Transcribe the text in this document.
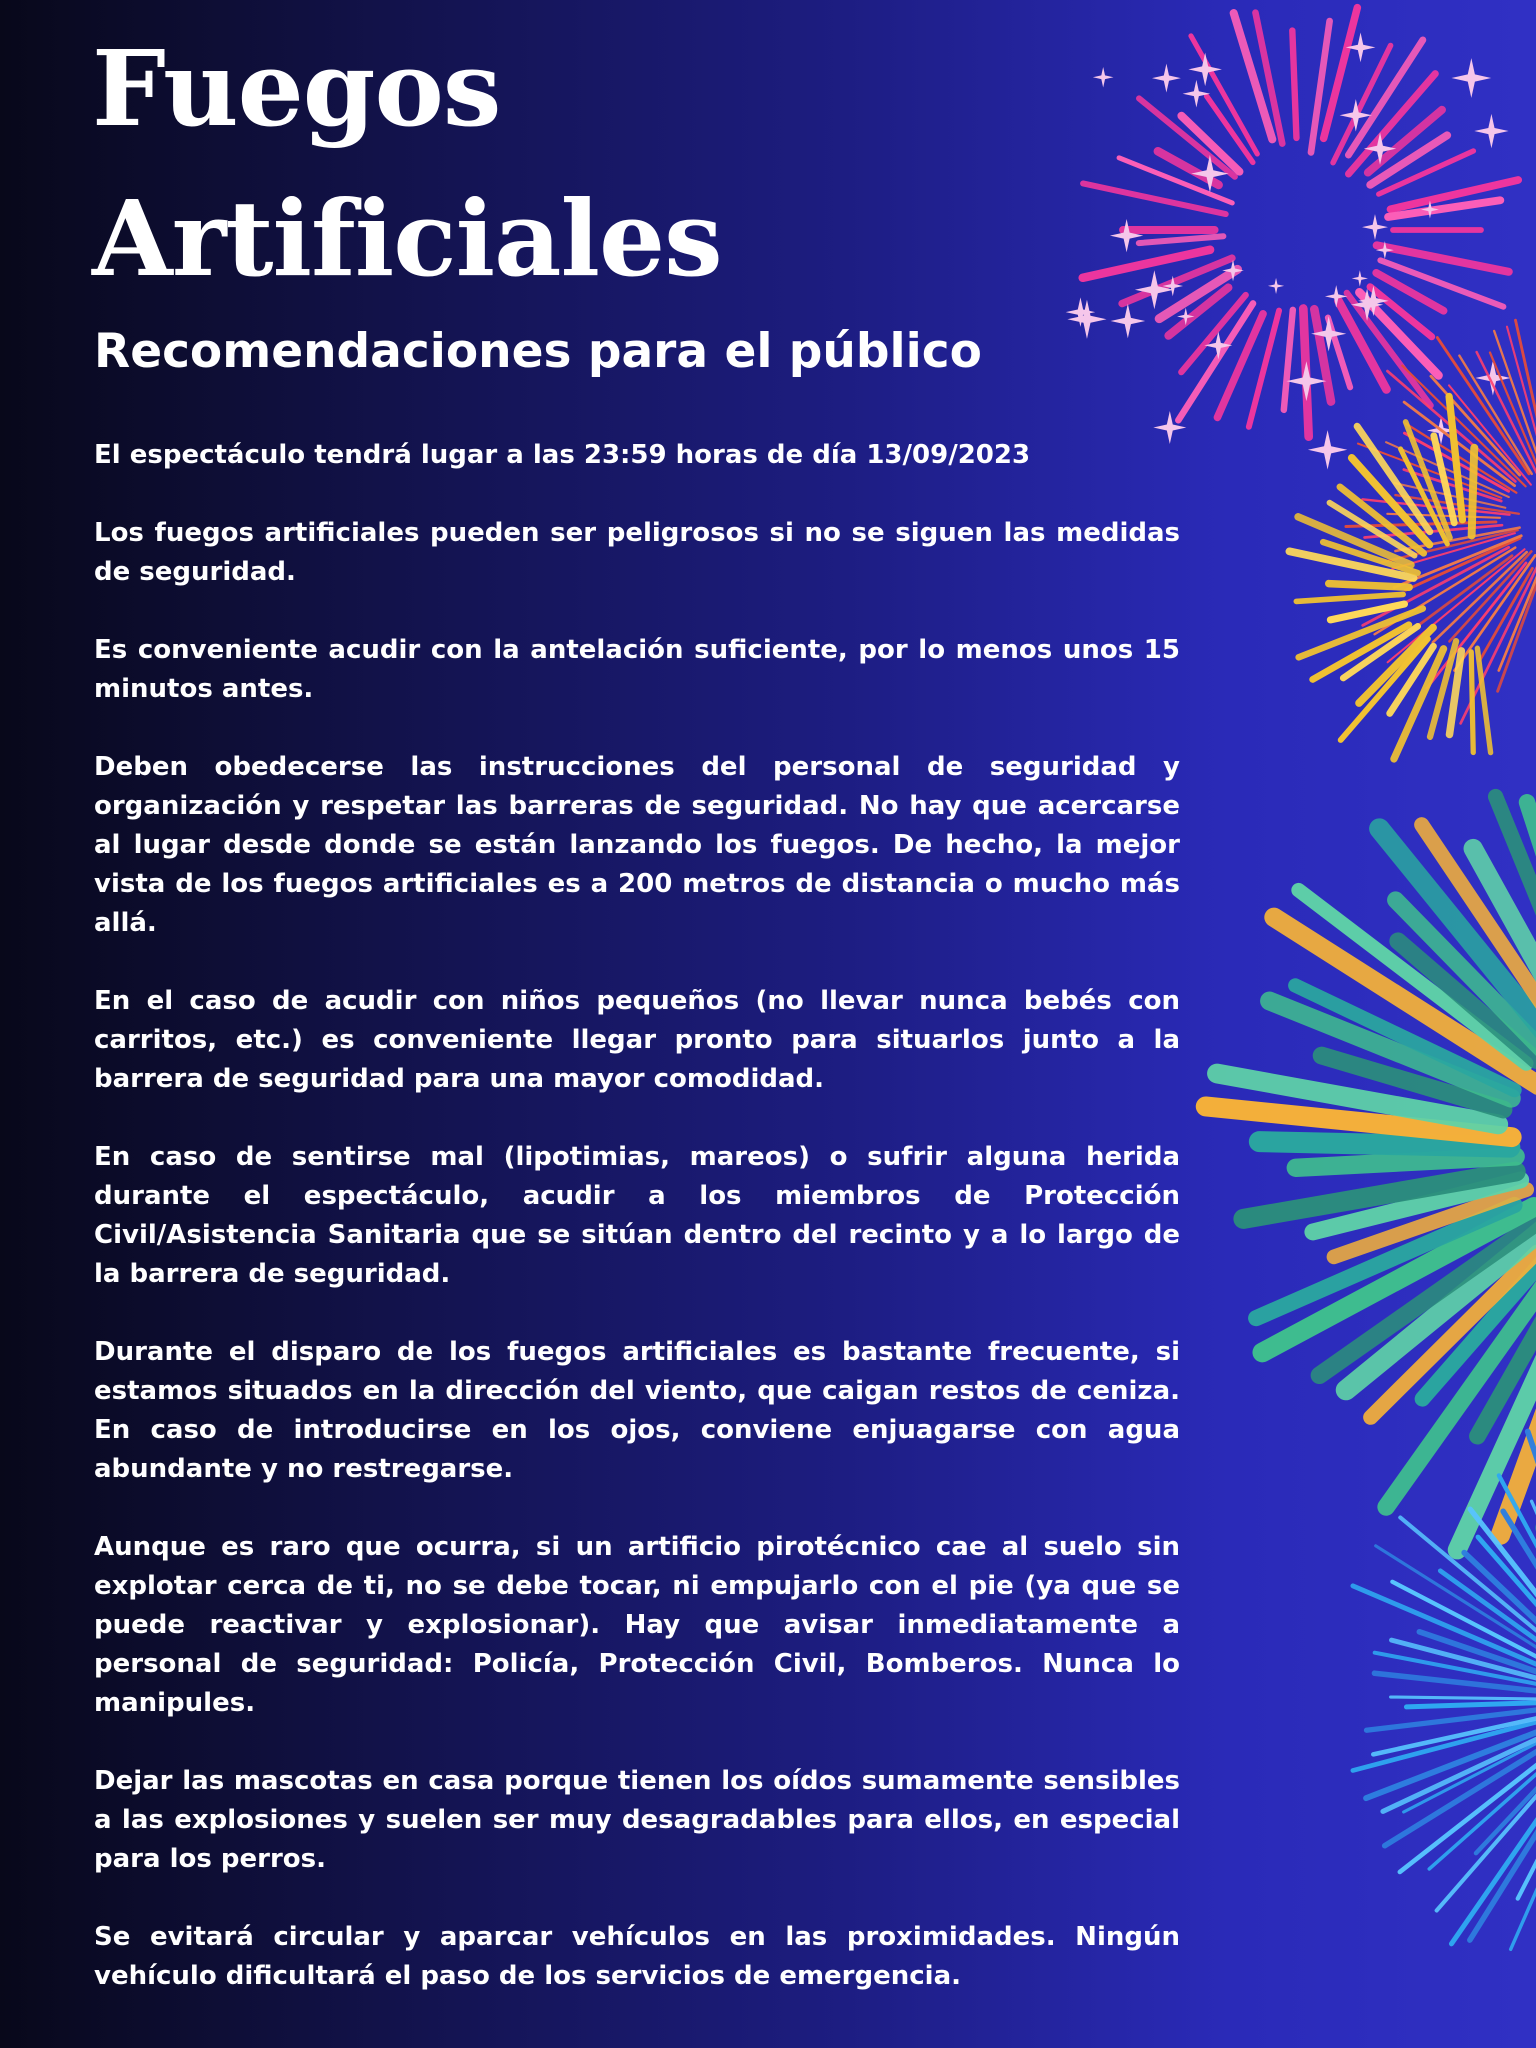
Fuegos
Artificiales
Recomendaciones para el público

El espectáculo tendrá lugar a las 23:59 horas de día 13/09/2023

Los fuegos artificiales pueden ser peligrosos si no se siguen las medidas de seguridad.

Es conveniente acudir con la antelación suficiente, por lo menos unos 15 minutos antes.

Deben obedecerse las instrucciones del personal de seguridad y organización y respetar las barreras de seguridad. No hay que acercarse al lugar desde donde se están lanzando los fuegos. De hecho, la mejor vista de los fuegos artificiales es a 200 metros de distancia o mucho más allá.

En el caso de acudir con niños pequeños (no llevar nunca bebés con carritos, etc.) es conveniente llegar pronto para situarlos junto a la barrera de seguridad para una mayor comodidad.

En caso de sentirse mal (lipotimias, mareos) o sufrir alguna herida durante el espectáculo, acudir a los miembros de Protección Civil/Asistencia Sanitaria que se sitúan dentro del recinto y a lo largo de la barrera de seguridad.

Durante el disparo de los fuegos artificiales es bastante frecuente, si estamos situados en la dirección del viento, que caigan restos de ceniza. En caso de introducirse en los ojos, conviene enjuagarse con agua abundante y no restregarse.

Aunque es raro que ocurra, si un artificio pirotécnico cae al suelo sin explotar cerca de ti, no se debe tocar, ni empujarlo con el pie (ya que se puede reactivar y explosionar). Hay que avisar inmediatamente a personal de seguridad: Policía, Protección Civil, Bomberos. Nunca lo manipules.

Dejar las mascotas en casa porque tienen los oídos sumamente sensibles a las explosiones y suelen ser muy desagradables para ellos, en especial para los perros.

Se evitará circular y aparcar vehículos en las proximidades. Ningún vehículo dificultará el paso de los servicios de emergencia.
